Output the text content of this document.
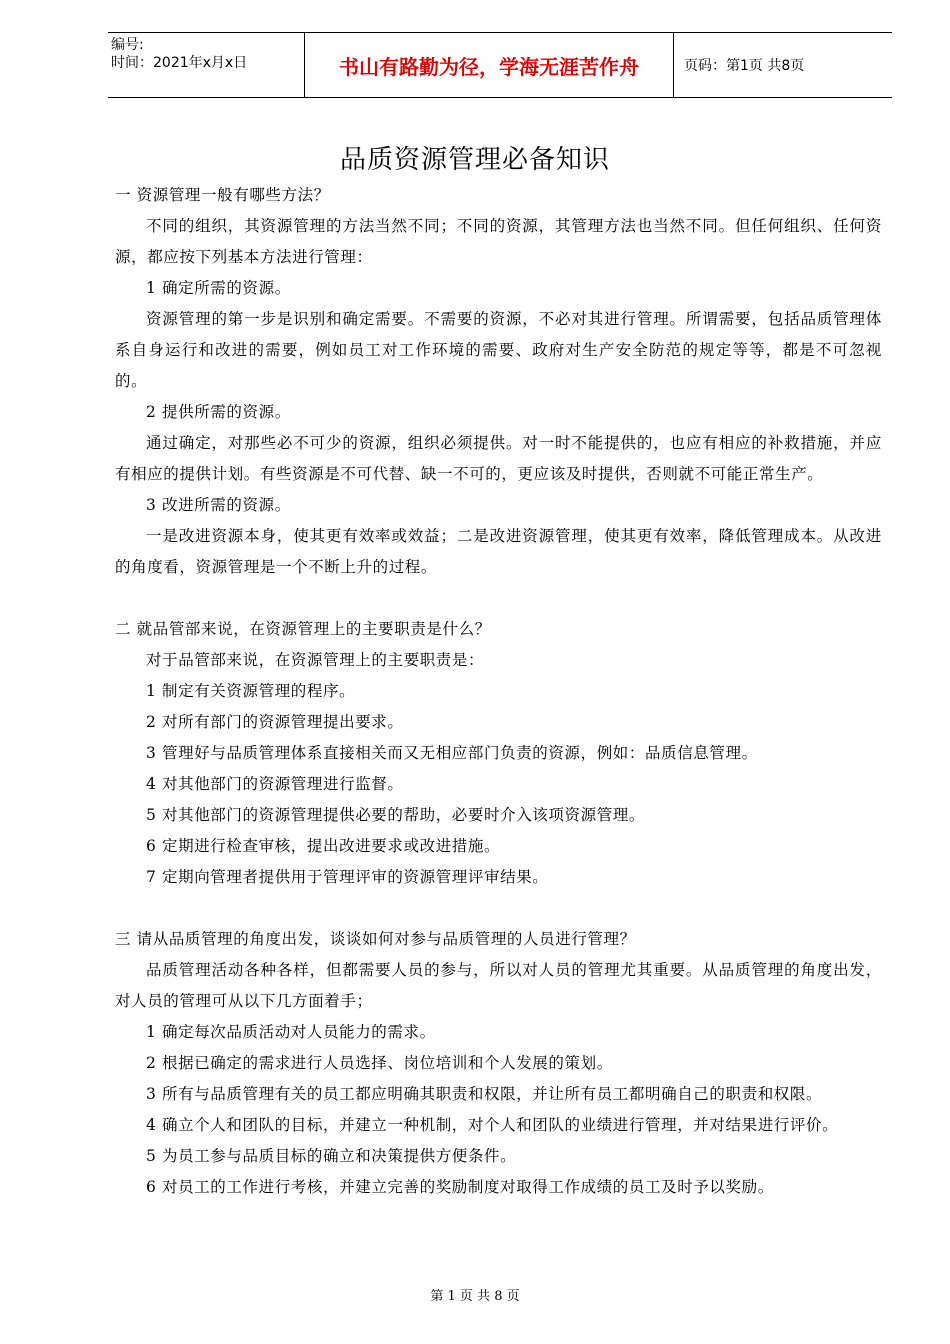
编号:
时间：2021年x月x日	书山有路勤为径，学海无涯苦作舟	页码：第1页 共8页
品质资源管理必备知识

一 资源管理一般有哪些方法？

不同的组织，其资源管理的方法当然不同；不同的资源，其管理方法也当然不同。但任何组织、任何资源，都应按下列基本方法进行管理：

1 确定所需的资源。

资源管理的第一步是识别和确定需要。不需要的资源，不必对其进行管理。所谓需要，包括品质管理体系自身运行和改进的需要，例如员工对工作环境的需要、政府对生产安全防范的规定等等，都是不可忽视的。

2 提供所需的资源。

通过确定，对那些必不可少的资源，组织必须提供。对一时不能提供的，也应有相应的补救措施，并应有相应的提供计划。有些资源是不可代替、缺一不可的，更应该及时提供，否则就不可能正常生产。

3 改进所需的资源。

一是改进资源本身，使其更有效率或效益；二是改进资源管理，使其更有效率，降低管理成本。从改进的角度看，资源管理是一个不断上升的过程。

二 就品管部来说，在资源管理上的主要职责是什么？

对于品管部来说，在资源管理上的主要职责是：

1 制定有关资源管理的程序。

2 对所有部门的资源管理提出要求。

3 管理好与品质管理体系直接相关而又无相应部门负责的资源，例如：品质信息管理。

4 对其他部门的资源管理进行监督。

5 对其他部门的资源管理提供必要的帮助，必要时介入该项资源管理。

6 定期进行检查审核，提出改进要求或改进措施。

7 定期向管理者提供用于管理评审的资源管理评审结果。

三 请从品质管理的角度出发，谈谈如何对参与品质管理的人员进行管理？

品质管理活动各种各样，但都需要人员的参与，所以对人员的管理尤其重要。从品质管理的角度出发，对人员的管理可从以下几方面着手；

1 确定每次品质活动对人员能力的需求。

2 根据已确定的需求进行人员选择、岗位培训和个人发展的策划。

3 所有与品质管理有关的员工都应明确其职责和权限，并让所有员工都明确自己的职责和权限。

4 确立个人和团队的目标，并建立一种机制，对个人和团队的业绩进行管理，并对结果进行评价。

5 为员工参与品质目标的确立和决策提供方便条件。

6 对员工的工作进行考核，并建立完善的奖励制度对取得工作成绩的员工及时予以奖励。

第 1 页 共 8 页
